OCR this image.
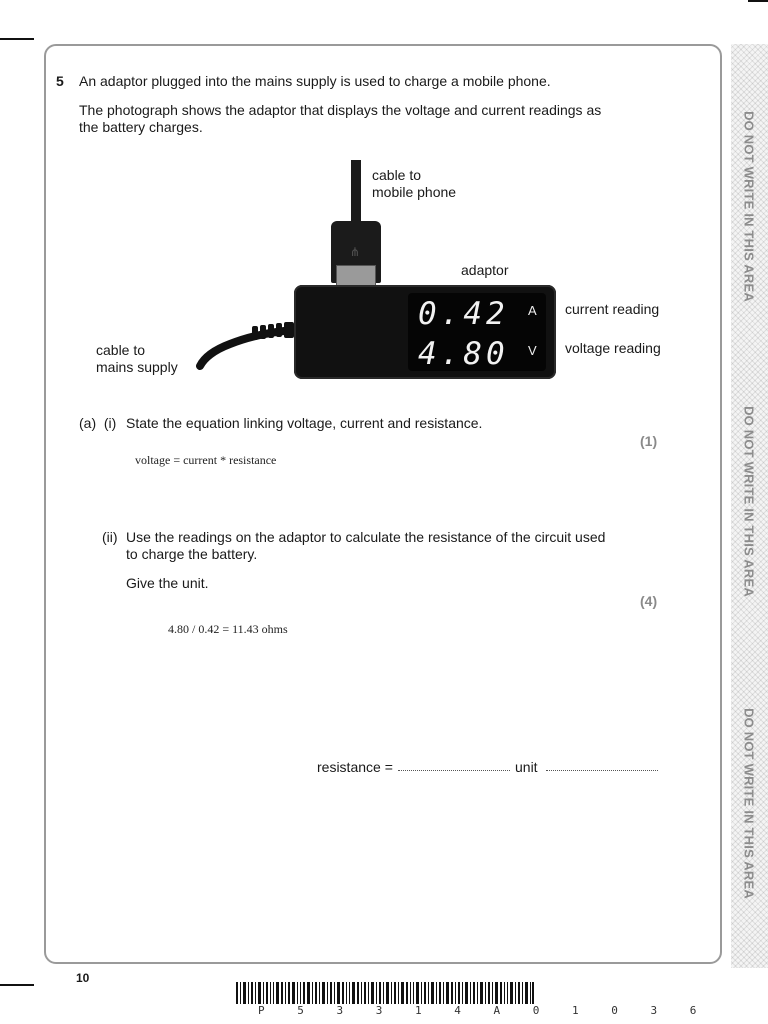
DO NOT WRITE IN THIS AREA
DO NOT WRITE IN THIS AREA
DO NOT WRITE IN THIS AREA
5 An adaptor plugged into the mains supply is used to charge a mobile phone.
The photograph shows the adaptor that displays the voltage and current readings as
the battery charges.
⋔
0.42
4.80
A
V
cable to
mobile phone
adaptor
current reading
voltage reading
cable to
mains supply
(a)  (i) State the equation linking voltage, current and resistance.
(1)
voltage = current * resistance
(ii) Use the readings on the adaptor to calculate the resistance of the circuit used
to charge the battery.
Give the unit.
(4)
4.80 / 0.42 = 11.43 ohms
resistance =	unit
10
P 5 3 3 1 4 A 0 1 0 3 6
